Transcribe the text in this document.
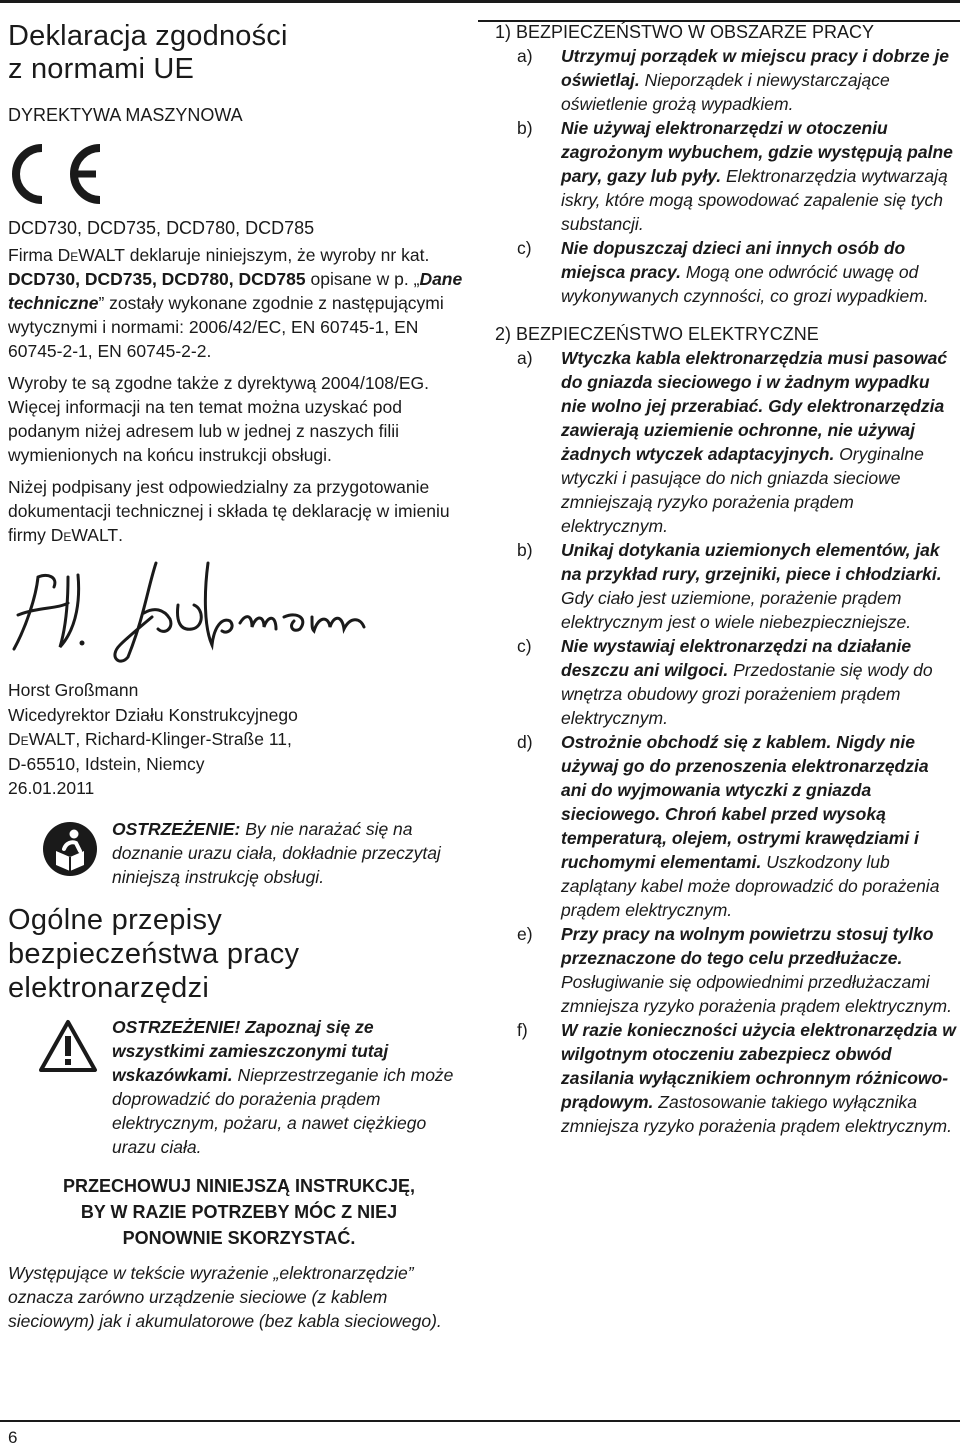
Deklaracja zgodności
z normami UE
DYREKTYWA MASZYNOWA
DCD730, DCD735, DCD780, DCD785

Firma DeWALT deklaruje niniejszym, że wyroby nr kat. DCD730, DCD735, DCD780, DCD785 opisane w p. „Dane techniczne” zostały wykonane zgodnie z następującymi wytycznymi i normami: 2006/42/EC, EN 60745-1, EN 60745-2-1, EN 60745-2-2.

Wyroby te są zgodne także z dyrektywą 2004/108/EG. Więcej informacji na ten temat można uzyskać pod podanym niżej adresem lub w jednej z naszych filii wymienionych na końcu instrukcji obsługi.

Niżej podpisany jest odpowiedzialny za przygotowanie dokumentacji technicznej i składa tę deklarację w imieniu firmy DeWALT.

Horst Großmann
Wicedyrektor Działu Konstrukcyjnego
DeWALT, Richard-Klinger-Straße 11,
D-65510, Idstein, Niemcy
26.01.2011

OSTRZEŻENIE: By nie narażać się na doznanie urazu ciała, dokładnie przeczytaj niniejszą instrukcję obsługi.

Ogólne przepisy
bezpieczeństwa pracy
elektronarzędzi

OSTRZEŻENIE! Zapoznaj się ze wszystkimi zamieszczonymi tutaj wskazówkami. Nieprzestrzeganie ich może doprowadzić do porażenia prądem elektrycznym, pożaru, a nawet ciężkiego urazu ciała.

PRZECHOWUJ NINIEJSZĄ INSTRUKCJĘ,
BY W RAZIE POTRZEBY MÓC Z NIEJ
PONOWNIE SKORZYSTAĆ.

Występujące w tekście wyrażenie „elektronarzędzie” oznacza zarówno urządzenie sieciowe (z kablem sieciowym) jak i akumulatorowe (bez kabla sieciowego).

1) BEZPIECZEŃSTWO W OBSZARZE PRACY
a) Utrzymuj porządek w miejscu pracy i dobrze je oświetlaj. Nieporządek i niewystarczające oświetlenie grożą wypadkiem.
b) Nie używaj elektronarzędzi w otoczeniu zagrożonym wybuchem, gdzie występują palne pary, gazy lub pyły. Elektronarzędzia wytwarzają iskry, które mogą spowodować zapalenie się tych substancji.
c) Nie dopuszczaj dzieci ani innych osób do miejsca pracy. Mogą one odwrócić uwagę od wykonywanych czynności, co grozi wypadkiem.
2) BEZPIECZEŃSTWO ELEKTRYCZNE
a) Wtyczka kabla elektronarzędzia musi pasować do gniazda sieciowego i w żadnym wypadku nie wolno jej przerabiać. Gdy elektronarzędzia zawierają uziemienie ochronne, nie używaj żadnych wtyczek adaptacyjnych. Oryginalne wtyczki i pasujące do nich gniazda sieciowe zmniejszają ryzyko porażenia prądem elektrycznym.
b) Unikaj dotykania uziemionych elementów, jak na przykład rury, grzejniki, piece i chłodziarki. Gdy ciało jest uziemione, porażenie prądem elektrycznym jest o wiele niebezpieczniejsze.
c) Nie wystawiaj elektronarzędzi na działanie deszczu ani wilgoci. Przedostanie się wody do wnętrza obudowy grozi porażeniem prądem elektrycznym.
d) Ostrożnie obchodź się z kablem. Nigdy nie używaj go do przenoszenia elektronarzędzia ani do wyjmowania wtyczki z gniazda sieciowego. Chroń kabel przed wysoką temperaturą, olejem, ostrymi krawędziami i ruchomymi elementami. Uszkodzony lub zaplątany kabel może doprowadzić do porażenia prądem elektrycznym.
e) Przy pracy na wolnym powietrzu stosuj tylko przeznaczone do tego celu przedłużacze. Posługiwanie się odpowiednimi przedłużaczami zmniejsza ryzyko porażenia prądem elektrycznym.
f) W razie konieczności użycia elektronarzędzia w wilgotnym otoczeniu zabezpiecz obwód zasilania wyłącznikiem ochronnym różnicowo-prądowym. Zastosowanie takiego wyłącznika zmniejsza ryzyko porażenia prądem elektrycznym.
6
